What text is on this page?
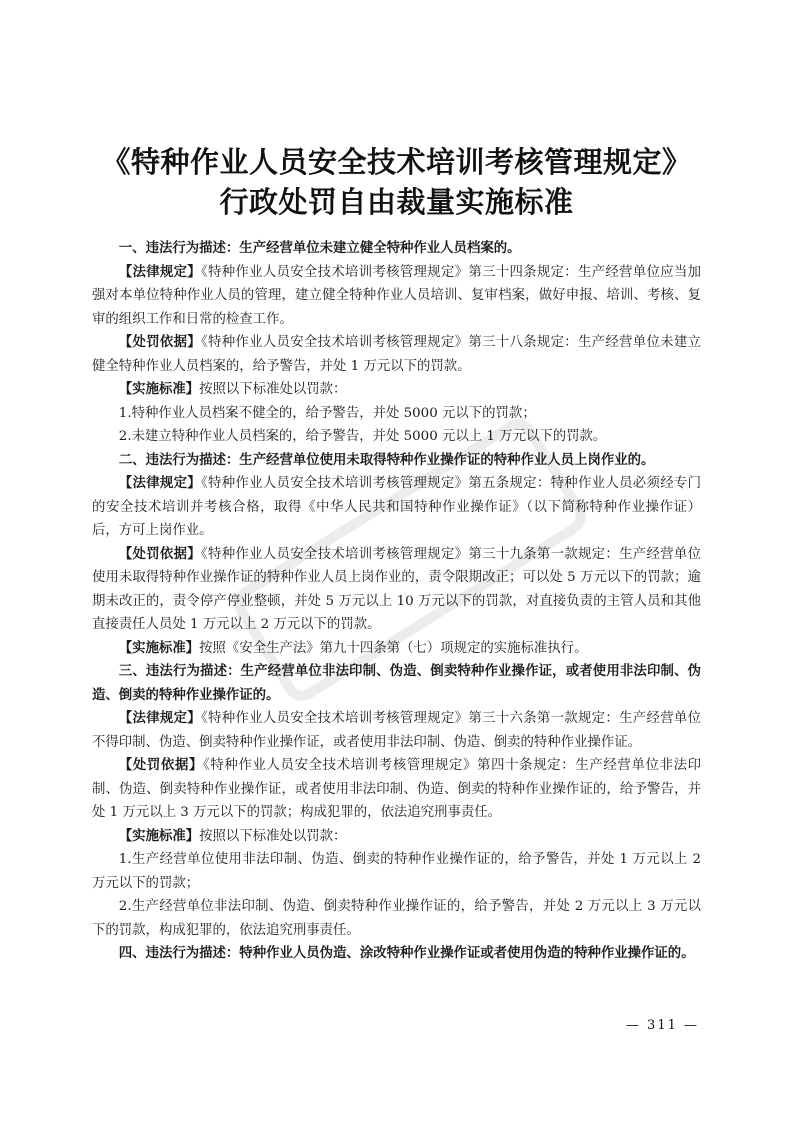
《特种作业人员安全技术培训考核管理规定》
行政处罚自由裁量实施标准

一、违法行为描述：生产经营单位未建立健全特种作业人员档案的。

【法律规定】《特种作业人员安全技术培训考核管理规定》第三十四条规定：生产经营单位应当加强对本单位特种作业人员的管理，建立健全特种作业人员培训、复审档案，做好申报、培训、考核、复审的组织工作和日常的检查工作。

【处罚依据】《特种作业人员安全技术培训考核管理规定》第三十八条规定：生产经营单位未建立健全特种作业人员档案的，给予警告，并处 1 万元以下的罚款。

【实施标准】按照以下标准处以罚款：

1.特种作业人员档案不健全的，给予警告，并处 5000 元以下的罚款；

2.未建立特种作业人员档案的，给予警告，并处 5000 元以上 1 万元以下的罚款。

二、违法行为描述：生产经营单位使用未取得特种作业操作证的特种作业人员上岗作业的。

【法律规定】《特种作业人员安全技术培训考核管理规定》第五条规定：特种作业人员必须经专门的安全技术培训并考核合格，取得《中华人民共和国特种作业操作证》（以下简称特种作业操作证）后，方可上岗作业。

【处罚依据】《特种作业人员安全技术培训考核管理规定》第三十九条第一款规定：生产经营单位使用未取得特种作业操作证的特种作业人员上岗作业的，责令限期改正；可以处 5 万元以下的罚款；逾期未改正的，责令停产停业整顿，并处 5 万元以上 10 万元以下的罚款，对直接负责的主管人员和其他直接责任人员处 1 万元以上 2 万元以下的罚款。

【实施标准】按照《安全生产法》第九十四条第（七）项规定的实施标准执行。

三、违法行为描述：生产经营单位非法印制、伪造、倒卖特种作业操作证，或者使用非法印制、伪造、倒卖的特种作业操作证的。

【法律规定】《特种作业人员安全技术培训考核管理规定》第三十六条第一款规定：生产经营单位不得印制、伪造、倒卖特种作业操作证，或者使用非法印制、伪造、倒卖的特种作业操作证。

【处罚依据】《特种作业人员安全技术培训考核管理规定》第四十条规定：生产经营单位非法印制、伪造、倒卖特种作业操作证，或者使用非法印制、伪造、倒卖的特种作业操作证的，给予警告，并处 1 万元以上 3 万元以下的罚款；构成犯罪的，依法追究刑事责任。

【实施标准】按照以下标准处以罚款：

1.生产经营单位使用非法印制、伪造、倒卖的特种作业操作证的，给予警告，并处 1 万元以上 2 万元以下的罚款；

2.生产经营单位非法印制、伪造、倒卖特种作业操作证的，给予警告，并处 2 万元以上 3 万元以下的罚款，构成犯罪的，依法追究刑事责任。

四、违法行为描述：特种作业人员伪造、涂改特种作业操作证或者使用伪造的特种作业操作证的。

— 311 —
